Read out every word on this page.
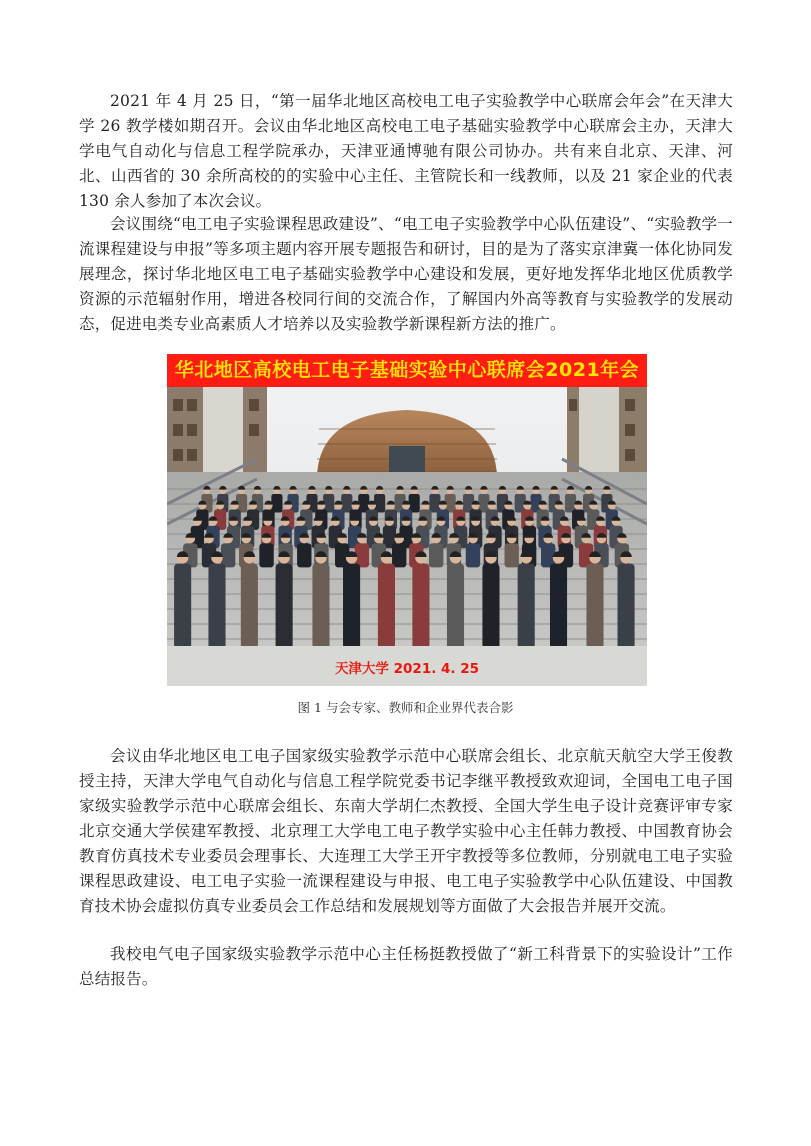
2021 年 4 月 25 日，“第一届华北地区高校电工电子实验教学中心联席会年会”在天津大学 26 教学楼如期召开。会议由华北地区高校电工电子基础实验教学中心联席会主办，天津大学电气自动化与信息工程学院承办，天津亚通博驰有限公司协办。共有来自北京、天津、河北、山西省的 30 余所高校的的实验中心主任、主管院长和一线教师，以及 21 家企业的代表 130 余人参加了本次会议。

会议围绕“电工电子实验课程思政建设”、“电工电子实验教学中心队伍建设”、“实验教学一流课程建设与申报”等多项主题内容开展专题报告和研讨，目的是为了落实京津冀一体化协同发展理念，探讨华北地区电工电子基础实验教学中心建设和发展，更好地发挥华北地区优质教学资源的示范辐射作用，增进各校同行间的交流合作，了解国内外高等教育与实验教学的发展动态，促进电类专业高素质人才培养以及实验教学新课程新方法的推广。

华北地区高校电工电子基础实验中心联席会2021年会
天津大学 2021. 4. 25
图 1 与会专家、教师和企业界代表合影

会议由华北地区电工电子国家级实验教学示范中心联席会组长、北京航天航空大学王俊教授主持，天津大学电气自动化与信息工程学院党委书记李继平教授致欢迎词，全国电工电子国家级实验教学示范中心联席会组长、东南大学胡仁杰教授、全国大学生电子设计竞赛评审专家北京交通大学侯建军教授、北京理工大学电工电子教学实验中心主任韩力教授、中国教育协会教育仿真技术专业委员会理事长、大连理工大学王开宇教授等多位教师，分别就电工电子实验课程思政建设、电工电子实验一流课程建设与申报、电工电子实验教学中心队伍建设、中国教育技术协会虚拟仿真专业委员会工作总结和发展规划等方面做了大会报告并展开交流。

我校电气电子国家级实验教学示范中心主任杨挺教授做了“新工科背景下的实验设计”工作总结报告。
